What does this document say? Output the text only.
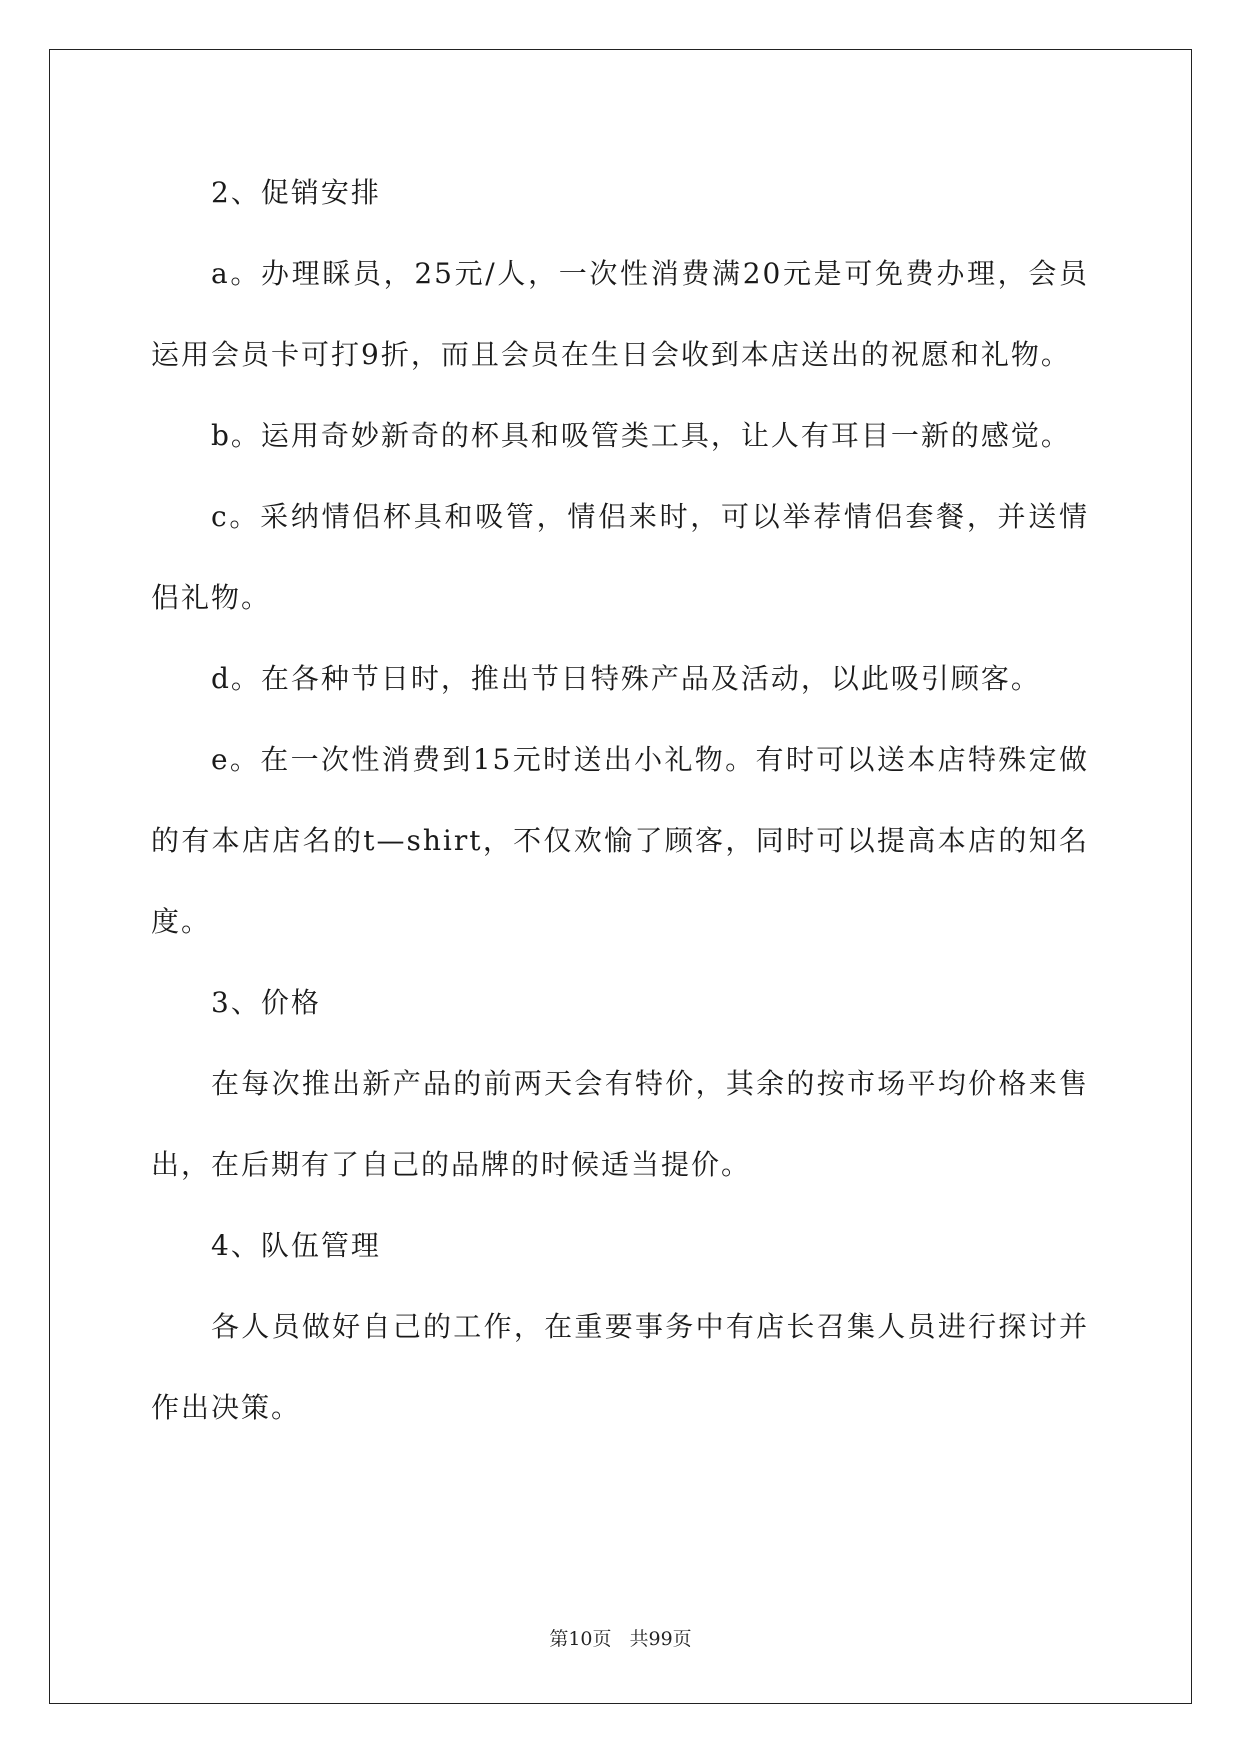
2、促销安排

a。办理睬员，25元/人，一次性消费满20元是可免费办理，会员运用会员卡可打9折，而且会员在生日会收到本店送出的祝愿和礼物。

b。运用奇妙新奇的杯具和吸管类工具，让人有耳目一新的感觉。

c。采纳情侣杯具和吸管，情侣来时，可以举荐情侣套餐，并送情侣礼物。

d。在各种节日时，推出节日特殊产品及活动，以此吸引顾客。

e。在一次性消费到15元时送出小礼物。有时可以送本店特殊定做的有本店店名的t—shirt，不仅欢愉了顾客，同时可以提高本店的知名度。

3、价格

在每次推出新产品的前两天会有特价，其余的按市场平均价格来售出，在后期有了自己的品牌的时候适当提价。

4、队伍管理

各人员做好自己的工作，在重要事务中有店长召集人员进行探讨并作出决策。

第10页 共99页
